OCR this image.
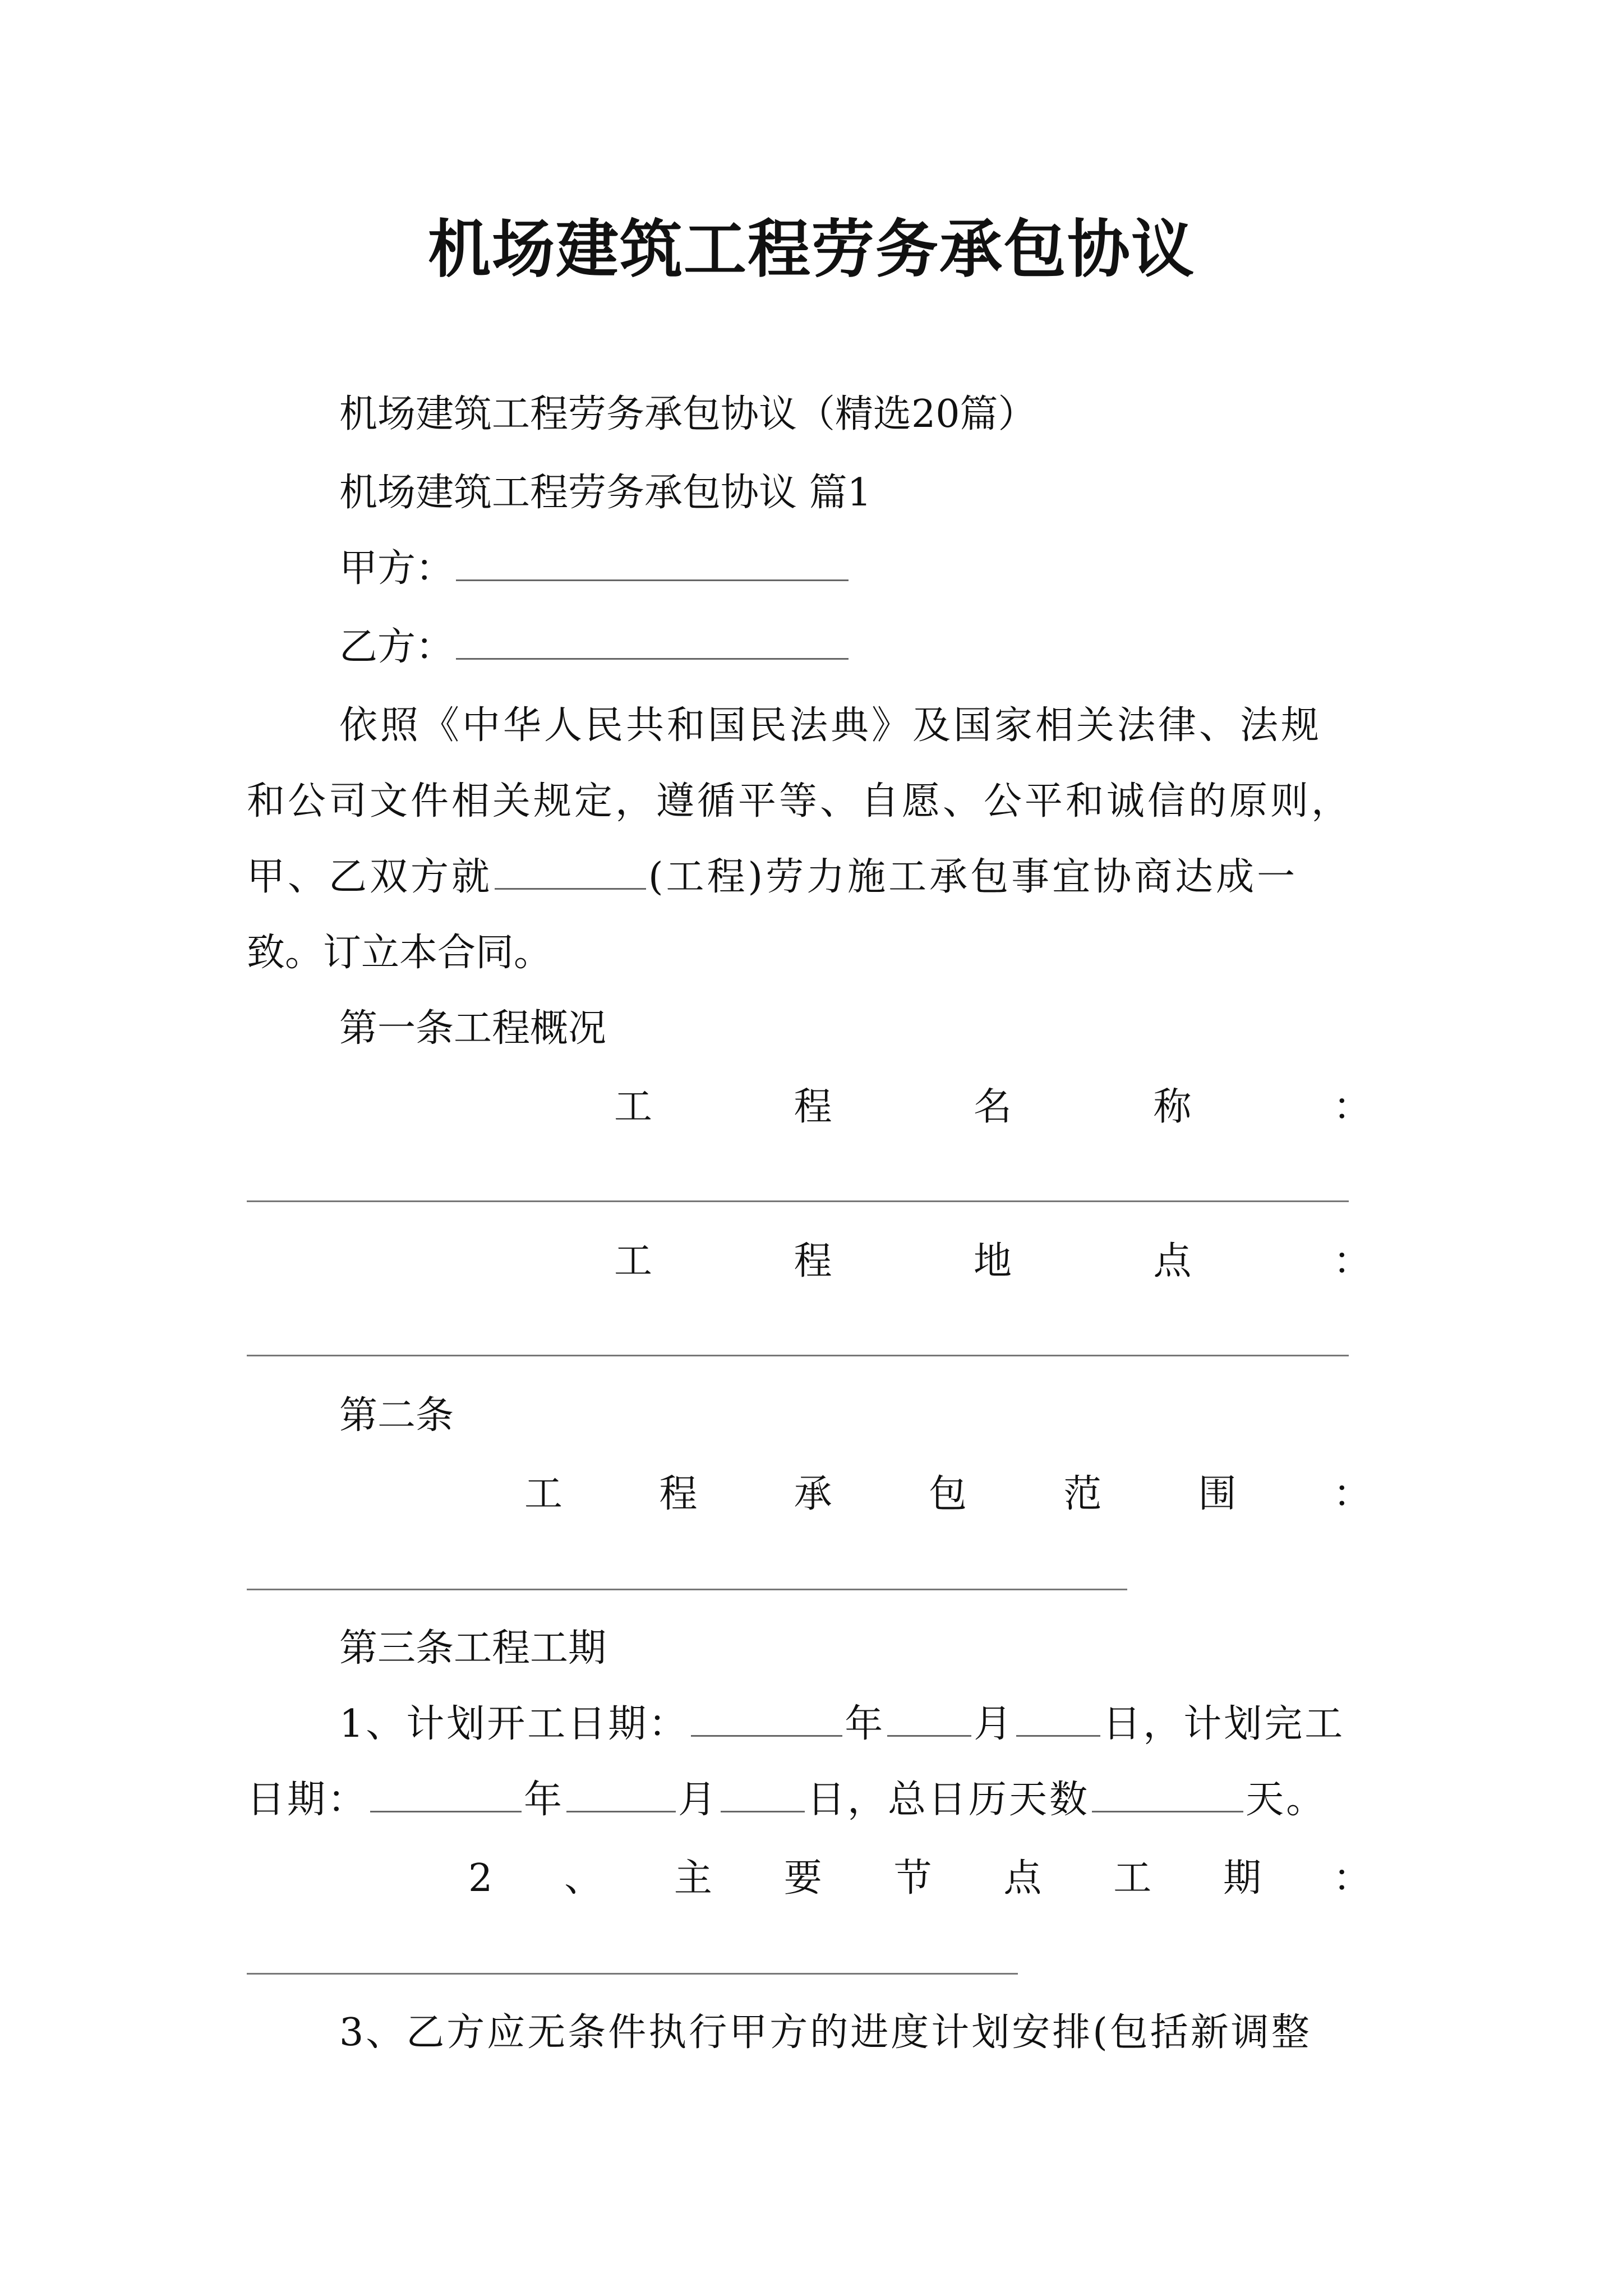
机场建筑工程劳务承包协议
机场建筑工程劳务承包协议（精选20篇）
机场建筑工程劳务承包协议 篇1
甲方：
乙方：
依照《中华人民共和国民法典》及国家相关法律、法规
和公司文件相关规定，遵循平等、自愿、公平和诚信的原则，
甲、乙双方就	(工程)劳力施工承包事宜协商达成一
致。订立本合同。
第一条工程概况
工	程	名	称	：
工	程	地	点	：
第二条
工	程	承	包	范	围	：
第三条工程工期
1、计划开工日期：	年 月 日，计划完工
日期：	年	月 日，总日历天数	天。
2 、 主 要 节 点 工 期 ：
3、乙方应无条件执行甲方的进度计划安排(包括新调整
